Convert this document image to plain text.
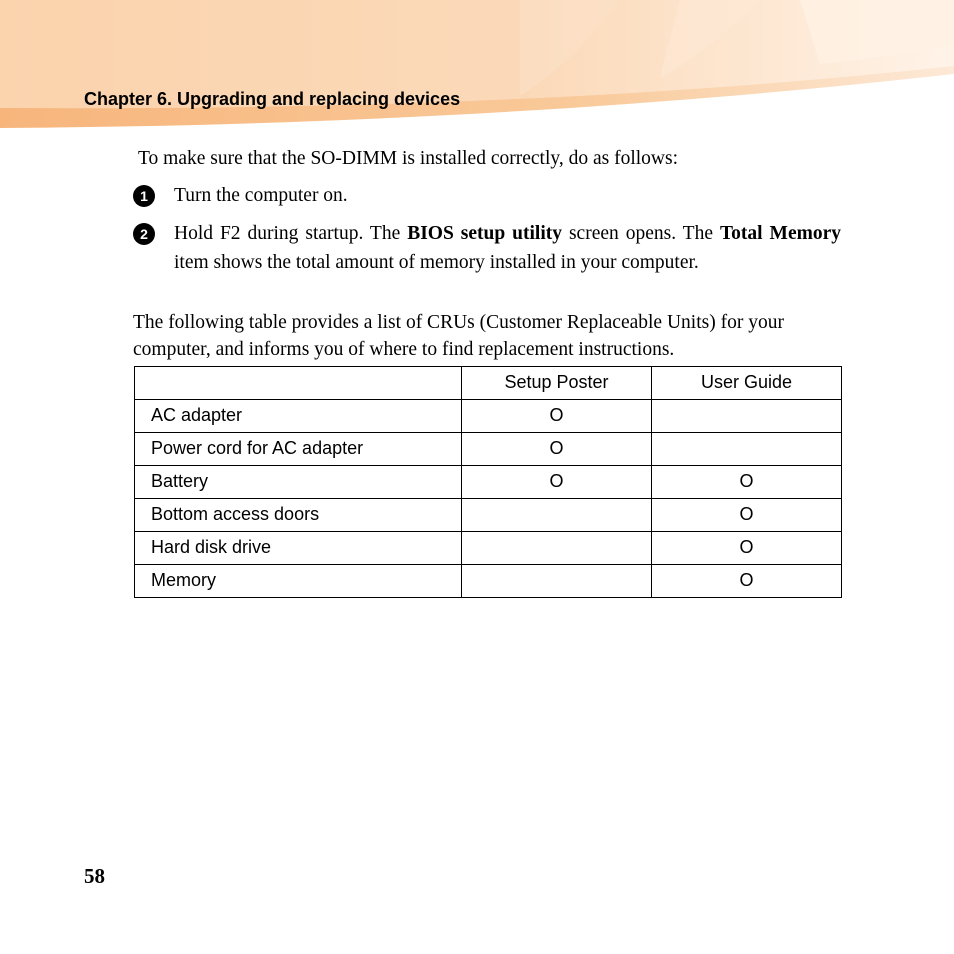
Chapter 6. Upgrading and replacing devices
To make sure that the SO-DIMM is installed correctly, do as follows:
1	Turn the computer on.
2	Hold F2 during startup. The BIOS setup utility screen opens. The Total Memory item shows the total amount of memory installed in your computer.
The following table provides a list of CRUs (Customer Replaceable Units) for your computer, and informs you of where to find replacement instructions.
	Setup Poster	User Guide
AC adapter	O	
Power cord for AC adapter	O	
Battery	O	O
Bottom access doors		O
Hard disk drive		O
Memory		O
58
